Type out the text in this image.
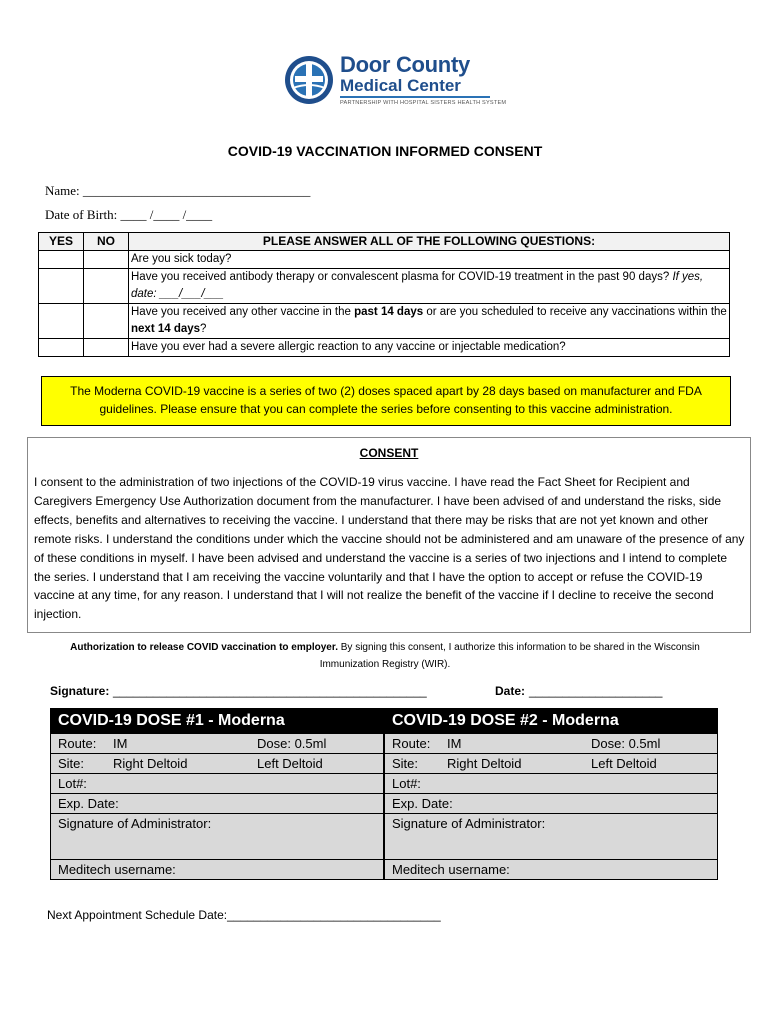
Door County
Medical Center
PARTNERSHIP WITH HOSPITAL SISTERS HEALTH SYSTEM
COVID-19 VACCINATION INFORMED CONSENT
Name: ___________________________________
Date of Birth: ____ /____ /____
YES	NO	PLEASE ANSWER ALL OF THE FOLLOWING QUESTIONS:
		Are you sick today?
		Have you received antibody therapy or convalescent plasma for COVID-19 treatment in the past 90 days? If yes, date: ___/___/___
		Have you received any other vaccine in the past 14 days or are you scheduled to receive any vaccinations within the next 14 days?
		Have you ever had a severe allergic reaction to any vaccine or injectable medication?
The Moderna COVID-19 vaccine is a series of two (2) doses spaced apart by 28 days based on manufacturer and FDA guidelines. Please ensure that you can complete the series before consenting to this vaccine administration.
CONSENT
I consent to the administration of two injections of the COVID-19 virus vaccine. I have read the Fact Sheet for Recipient and Caregivers Emergency Use Authorization document from the manufacturer. I have been advised of and understand the risks, side effects, benefits and alternatives to receiving the vaccine. I understand that there may be risks that are not yet known and other remote risks. I understand the conditions under which the vaccine should not be administered and am unaware of the presence of any of these conditions in myself. I have been advised and understand the vaccine is a series of two injections and I intend to complete the series. I understand that I am receiving the vaccine voluntarily and that I have the option to accept or refuse the COVID-19 vaccine at any time, for any reason. I understand that I will not realize the benefit of the vaccine if I decline to receive the second injection.
Authorization to release COVID vaccination to employer. By signing this consent, I authorize this information to be shared in the Wisconsin Immunization Registry (WIR).
Signature: _______________________________________________	Date: ____________________
COVID-19 DOSE #1 - Moderna
Route: IM	Dose: 0.5ml
Site: Right Deltoid	Left Deltoid
Lot#:
Exp. Date:
Signature of Administrator:
Meditech username:
COVID-19 DOSE #2 - Moderna
Route: IM	Dose: 0.5ml
Site: Right Deltoid	Left Deltoid
Lot#:
Exp. Date:
Signature of Administrator:
Meditech username:
Next Appointment Schedule Date:________________________________
